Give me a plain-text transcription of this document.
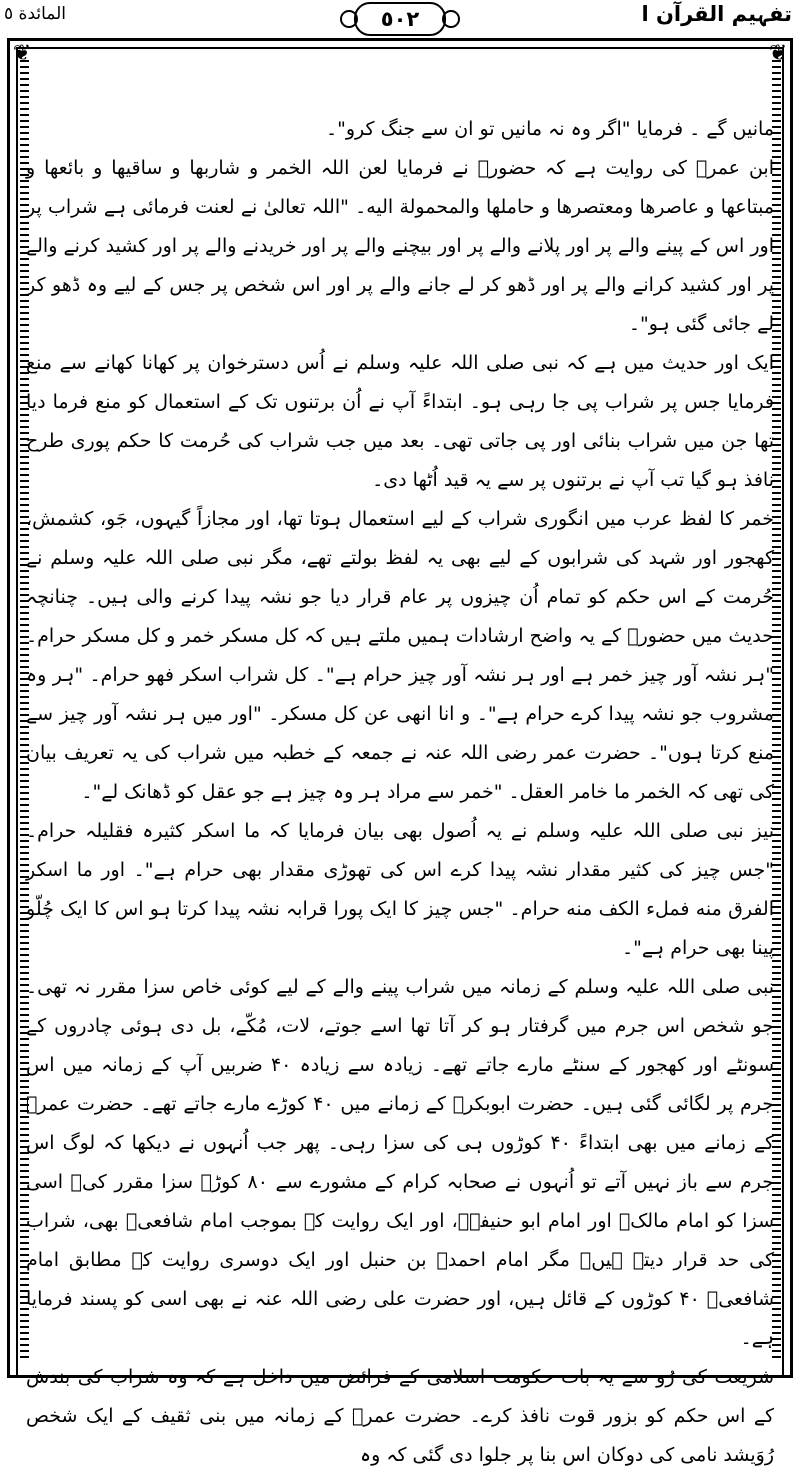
المائدة ٥	٥٠٢	تفہیم القرآن ا
❦	❦

مانیں گے ۔ فرمایا "اگر وہ نہ مانیں تو ان سے جنگ کرو"۔

ابن عمرؓ کی روایت ہے کہ حضورؐ نے فرمایا لعن اللہ الخمر و شاربها و ساقیها و بائعها و مبتاعها و عاصرها ومعتصرها و حاملها والمحمولة الیه۔ "اللہ تعالیٰ نے لعنت فرمائی ہے شراب پر اور اس کے پینے والے پر اور پلانے والے پر اور بیچنے والے پر اور خریدنے والے پر اور کشید کرنے والے پر اور کشید کرانے والے پر اور ڈھو کر لے جانے والے پر اور اس شخص پر جس کے لیے وہ ڈھو کر لے جائی گئی ہو"۔

ایک اور حدیث میں ہے کہ نبی صلی اللہ علیہ وسلم نے اُس دسترخوان پر کھانا کھانے سے منع فرمایا جس پر شراب پی جا رہی ہو۔ ابتداءً آپ نے اُن برتنوں تک کے استعمال کو منع فرما دیا تھا جن میں شراب بنائی اور پی جاتی تھی۔ بعد میں جب شراب کی حُرمت کا حکم پوری طرح نافذ ہو گیا تب آپ نے برتنوں پر سے یہ قید اُٹھا دی۔

خمر کا لفظ عرب میں انگوری شراب کے لیے استعمال ہوتا تھا، اور مجازاً گیہوں، جَو، کشمش، کھجور اور شہد کی شرابوں کے لیے بھی یہ لفظ بولتے تھے، مگر نبی صلی اللہ علیہ وسلم نے حُرمت کے اس حکم کو تمام اُن چیزوں پر عام قرار دیا جو نشہ پیدا کرنے والی ہیں۔ چنانچہ حدیث میں حضورؐ کے یہ واضح ارشادات ہمیں ملتے ہیں کہ کل مسکر خمر و کل مسکر حرام۔ "ہر نشہ آور چیز خمر ہے اور ہر نشہ آور چیز حرام ہے"۔ کل شراب اسکر فھو حرام۔ "ہر وہ مشروب جو نشہ پیدا کرے حرام ہے"۔ و انا انھی عن کل مسکر۔ "اور میں ہر نشہ آور چیز سے منع کرتا ہوں"۔ حضرت عمر رضی اللہ عنہ نے جمعہ کے خطبہ میں شراب کی یہ تعریف بیان کی تھی کہ الخمر ما خامر العقل۔ "خمر سے مراد ہر وہ چیز ہے جو عقل کو ڈھانک لے"۔

نیز نبی صلی اللہ علیہ وسلم نے یہ اُصول بھی بیان فرمایا کہ ما اسکر کثیرہ فقلیلہ حرام۔ "جس چیز کی کثیر مقدار نشہ پیدا کرے اس کی تھوڑی مقدار بھی حرام ہے"۔ اور ما اسکر الفرق منه فملء الکف منه حرام۔ "جس چیز کا ایک پورا قرابہ نشہ پیدا کرتا ہو اس کا ایک چُلّو پینا بھی حرام ہے"۔

نبی صلی اللہ علیہ وسلم کے زمانہ میں شراب پینے والے کے لیے کوئی خاص سزا مقرر نہ تھی۔ جو شخص اس جرم میں گرفتار ہو کر آتا تھا اسے جوتے، لات، مُکّے، بل دی ہوئی چادروں کے سونٹے اور کھجور کے سنٹے مارے جاتے تھے۔ زیادہ سے زیادہ ۴۰ ضربیں آپ کے زمانہ میں اس جرم پر لگائی گئی ہیں۔ حضرت ابوبکرؓ کے زمانے میں ۴۰ کوڑے مارے جاتے تھے۔ حضرت عمرؓ کے زمانے میں بھی ابتداءً ۴۰ کوڑوں ہی کی سزا رہی۔ پھر جب اُنہوں نے دیکھا کہ لوگ اس جرم سے باز نہیں آتے تو اُنہوں نے صحابہ کرام کے مشورے سے ۸۰ کوڑے سزا مقرر کی۔ اسی سزا کو امام مالکؒ اور امام ابو حنیفہؒ، اور ایک روایت کے بموجب امام شافعیؒ بھی، شراب کی حد قرار دیتے ہیں۔ مگر امام احمدؒ بن حنبل اور ایک دوسری روایت کے مطابق امام شافعیؒ ۴۰ کوڑوں کے قائل ہیں، اور حضرت علی رضی اللہ عنہ نے بھی اسی کو پسند فرمایا ہے۔

شریعت کی رُو سے یہ بات حکومت اسلامی کے فرائض میں داخل ہے کہ وہ شراب کی بندش کے اس حکم کو بزور قوت نافذ کرے۔ حضرت عمرؓ کے زمانہ میں بنی ثقیف کے ایک شخص رُوَیشد نامی کی دوکان اس بنا پر جلوا دی گئی کہ وہ
